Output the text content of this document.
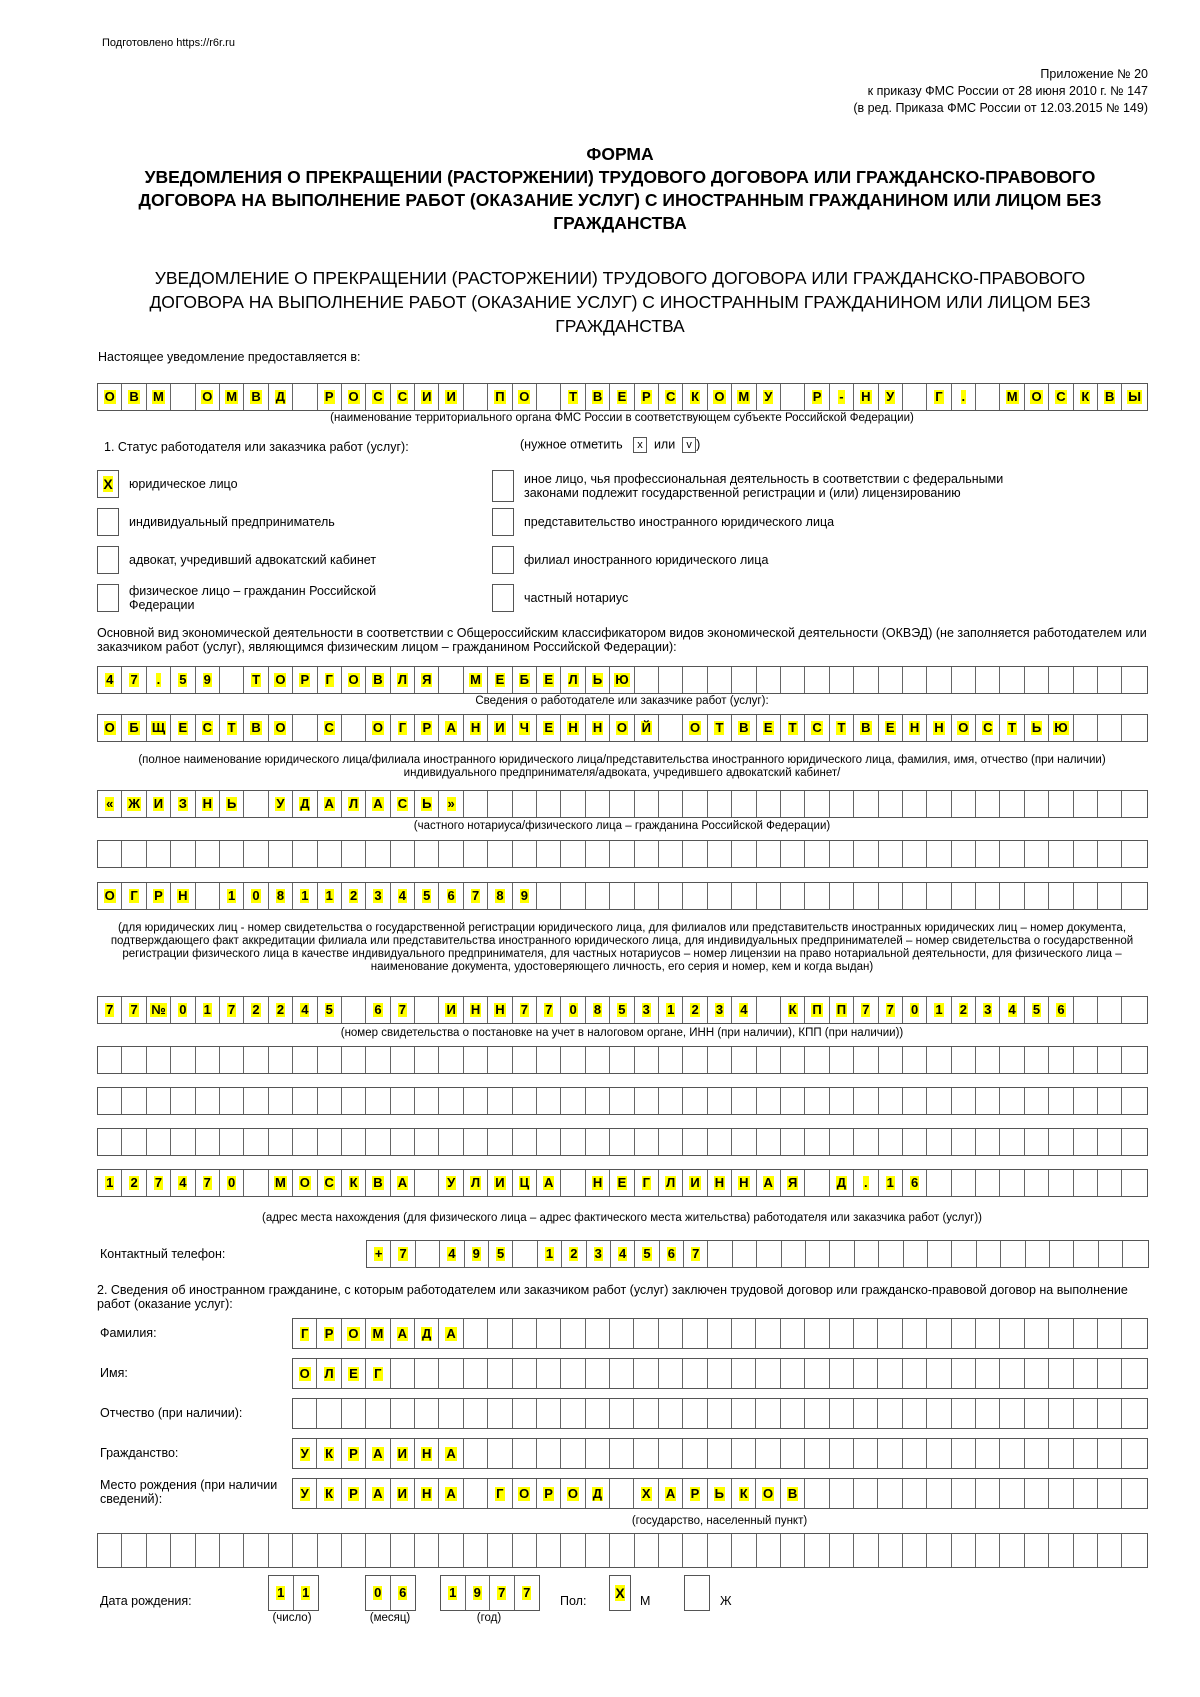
Подготовлено https://r6r.ru
Приложение № 20
к приказу ФМС России от 28 июня 2010 г. № 147
(в ред. Приказа ФМС России от 12.03.2015 № 149)
ФОРМА
УВЕДОМЛЕНИЯ О ПРЕКРАЩЕНИИ (РАСТОРЖЕНИИ) ТРУДОВОГО ДОГОВОРА ИЛИ ГРАЖДАНСКО-ПРАВОВОГО
ДОГОВОРА НА ВЫПОЛНЕНИЕ РАБОТ (ОКАЗАНИЕ УСЛУГ) С ИНОСТРАННЫМ ГРАЖДАНИНОМ ИЛИ ЛИЦОМ БЕЗ
ГРАЖДАНСТВА
УВЕДОМЛЕНИЕ О ПРЕКРАЩЕНИИ (РАСТОРЖЕНИИ) ТРУДОВОГО ДОГОВОРА ИЛИ ГРАЖДАНСКО-ПРАВОВОГО
ДОГОВОРА НА ВЫПОЛНЕНИЕ РАБОТ (ОКАЗАНИЕ УСЛУГ) С ИНОСТРАННЫМ ГРАЖДАНИНОМ ИЛИ ЛИЦОМ БЕЗ
ГРАЖДАНСТВА
Настоящее уведомление предоставляется в:
О В М	О М В Д	Р О С С И И	П О	Т В Е Р С К О М У	Р - Н У	Г .	М О С К В Ы
(наименование территориального органа ФМС России в соответствующем субъекте Российской Федерации)
1. Статус работодателя или заказчика работ (услуг):	(нужное отметить x или v )
X юридическое лицо
индивидуальный предприниматель
адвокат, учредивший адвокатский кабинет
физическое лицо – гражданин Российской Федерации
иное лицо, чья профессиональная деятельность в соответствии с федеральными законами подлежит государственной регистрации и (или) лицензированию
представительство иностранного юридического лица
филиал иностранного юридического лица
частный нотариус
Основной вид экономической деятельности в соответствии с Общероссийским классификатором видов экономической деятельности (ОКВЭД) (не заполняется работодателем или заказчиком работ (услуг), являющимся физическим лицом – гражданином Российской Федерации):
4 7 . 5 9	Т О Р Г О В Л Я	М Е Б Е Л Ь Ю
Сведения о работодателе или заказчике работ (услуг):
О Б Щ Е С Т В О	С	О Г Р А Н И Ч Е Н Н О Й	О Т В Е Т С Т В Е Н Н О С Т Ь Ю
(полное наименование юридического лица/филиала иностранного юридического лица/представительства иностранного юридического лица, фамилия, имя, отчество (при наличии) индивидуального предпринимателя/адвоката, учредившего адвокатский кабинет/
« Ж И З Н Ь	У Д А Л А С Ь »
(частного нотариуса/физического лица – гражданина Российской Федерации)
О Г Р Н	1 0 8 1 1 2 3 4 5 6 7 8 9
(для юридических лиц - номер свидетельства о государственной регистрации юридического лица, для филиалов или представительств иностранных юридических лиц – номер документа, подтверждающего факт аккредитации филиала или представительства иностранного юридического лица, для индивидуальных предпринимателей – номер свидетельства о государственной регистрации физического лица в качестве индивидуального предпринимателя, для частных нотариусов – номер лицензии на право нотариальной деятельности, для физического лица – наименование документа, удостоверяющего личность, его серия и номер, кем и когда выдан)
7 7 № 0 1 7 2 2 4 5	6 7	И Н Н 7 7 0 8 5 3 1 2 3 4	К П П 7 7 0 1 2 3 4 5 6
(номер свидетельства о постановке на учет в налоговом органе, ИНН (при наличии), КПП (при наличии))
1 2 7 4 7 0	М О С К В А	У Л И Ц А	Н Е Г Л И Н Н А Я	Д . 1 6
(адрес места нахождения (для физического лица – адрес фактического места жительства) работодателя или заказчика работ (услуг))
Контактный телефон:	+ 7	4 9 5	1 2 3 4 5 6 7
2. Сведения об иностранном гражданине, с которым работодателем или заказчиком работ (услуг) заключен трудовой договор или гражданско-правовой договор на выполнение работ (оказание услуг):
Фамилия:	Г Р О М А Д А
Имя:	О Л Е Г
Отчество (при наличии):
Гражданство:	У К Р А И Н А
Место рождения (при наличии сведений):	У К Р А И Н А	Г О Р О Д	Х А Р Ь К О В
(государство, населенный пункт)
Дата рождения:
1 1
(число)
0 6
(месяц)
1 9 7 7
(год)
Пол: X М	Ж
